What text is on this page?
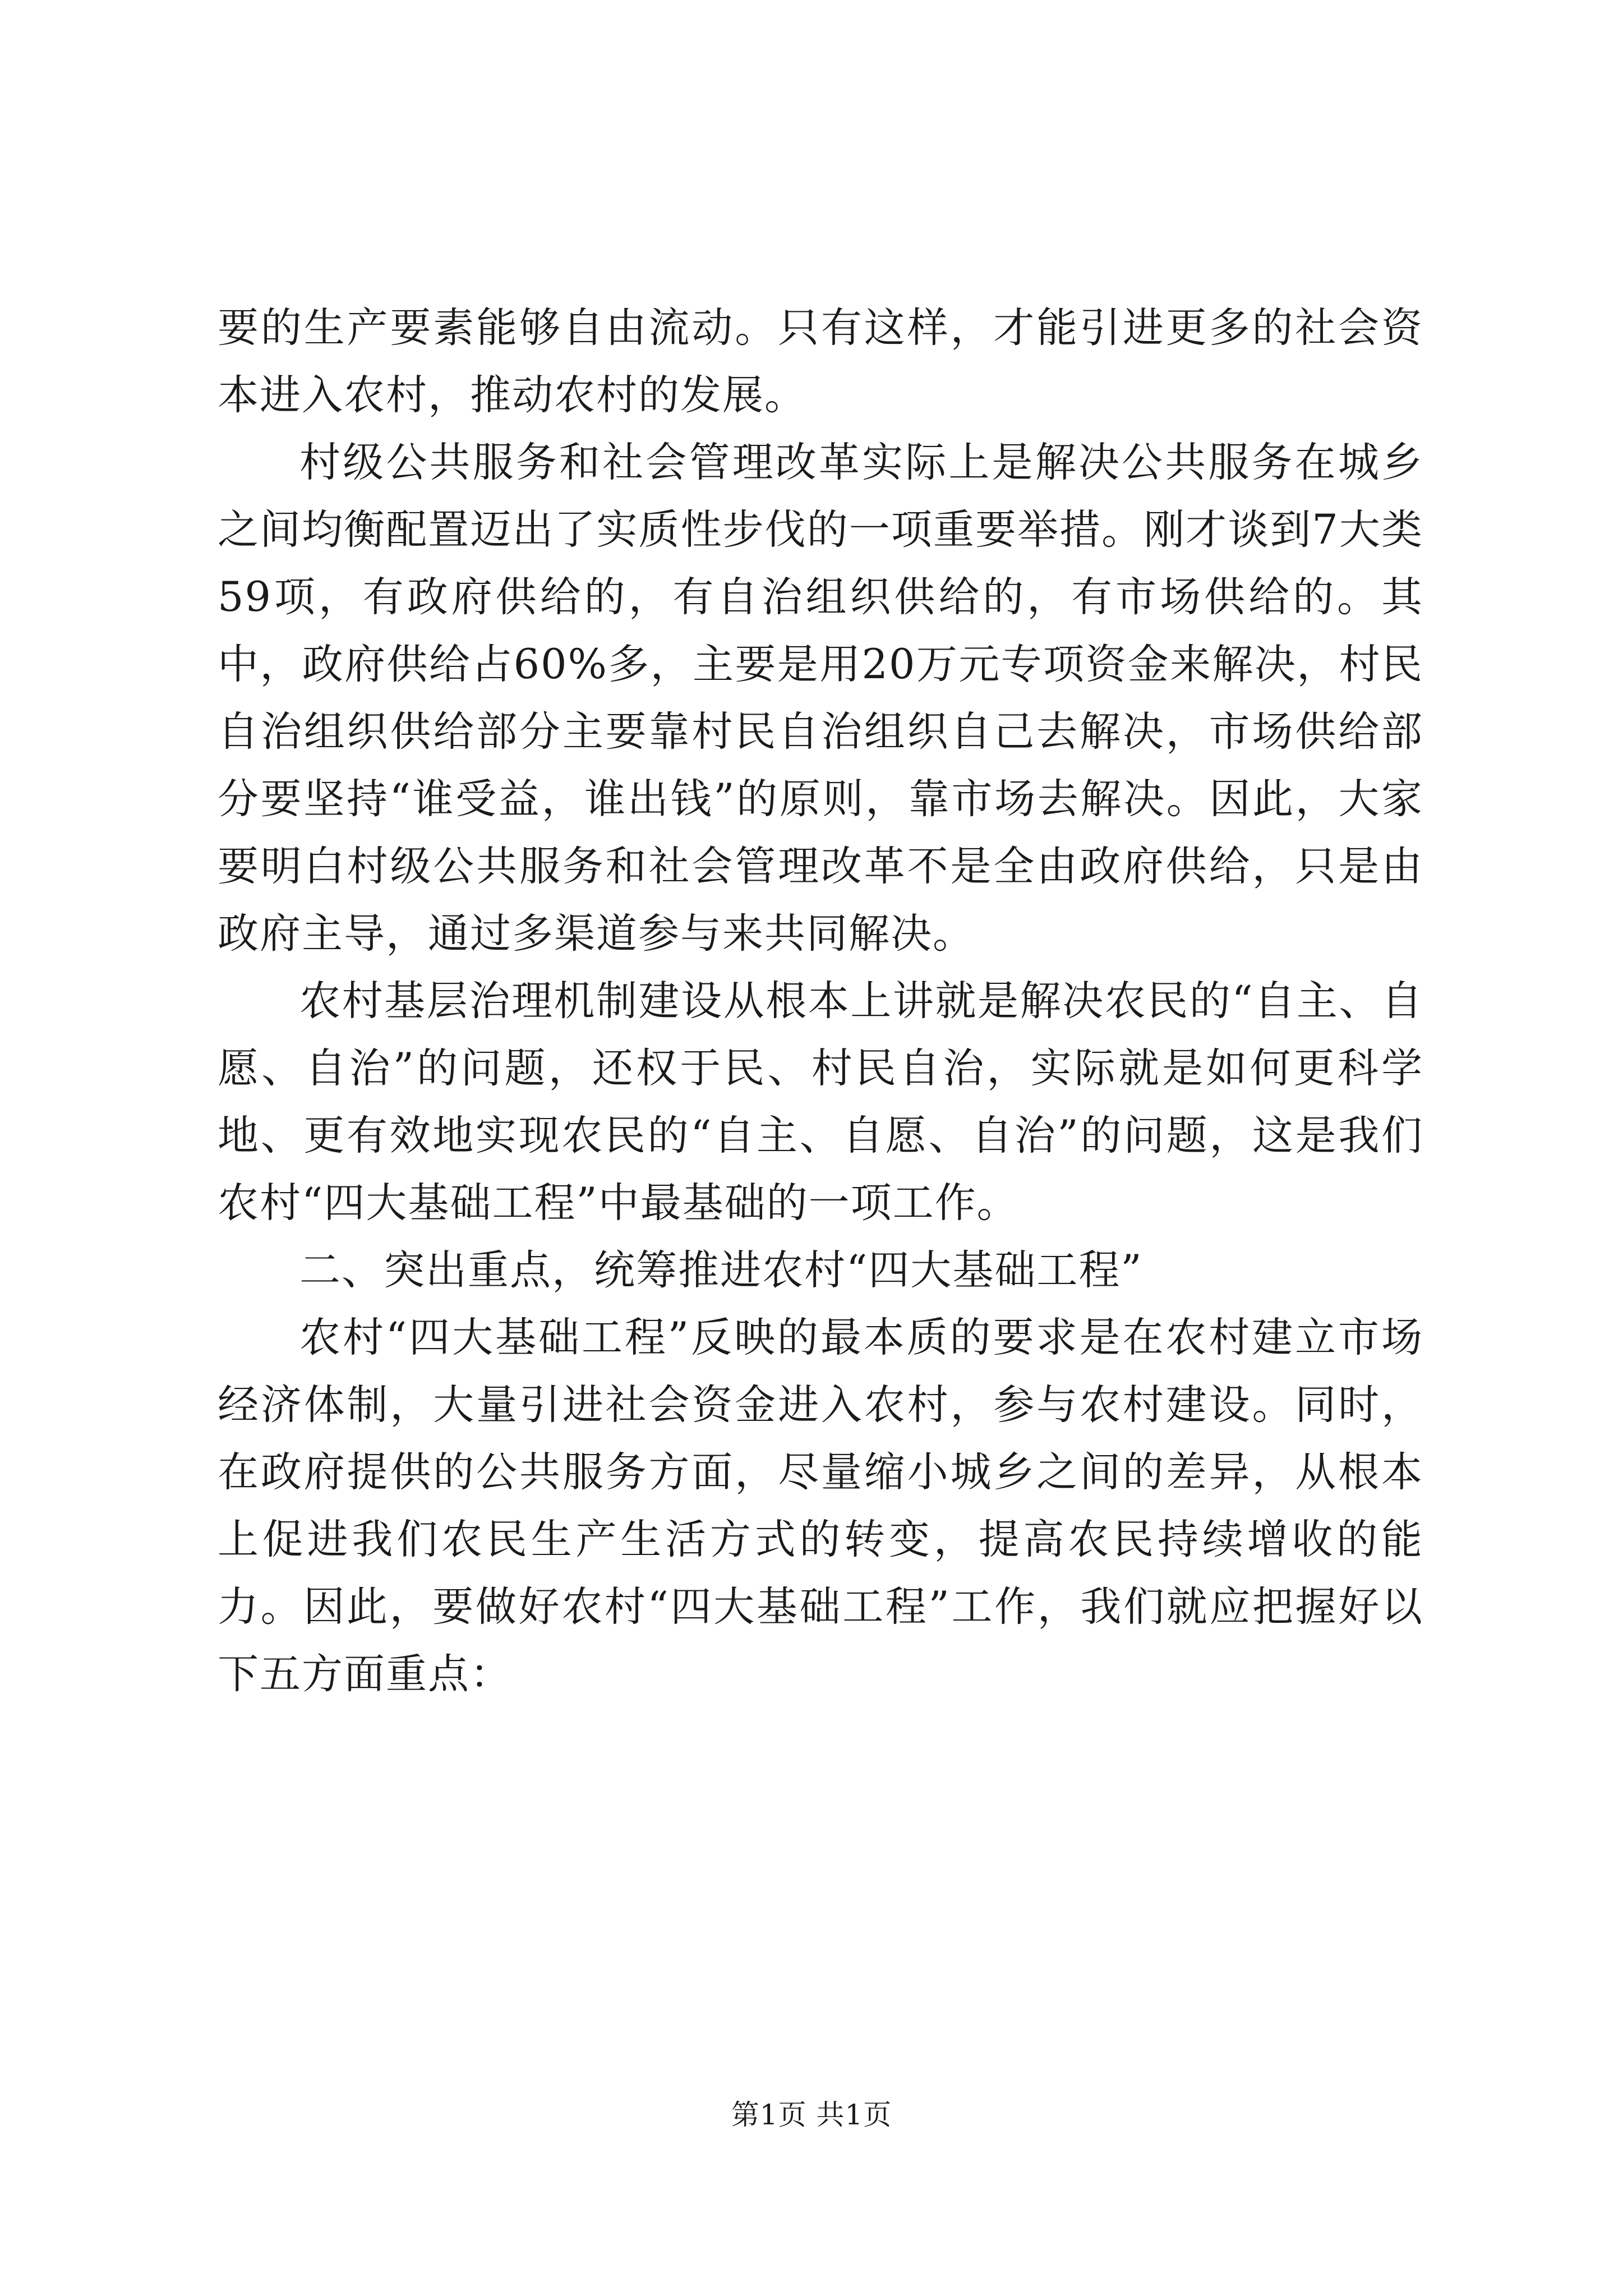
要的生产要素能够自由流动。只有这样，才能引进更多的社会资本进入农村，推动农村的发展。

村级公共服务和社会管理改革实际上是解决公共服务在城乡之间均衡配置迈出了实质性步伐的一项重要举措。刚才谈到7大类59项，有政府供给的，有自治组织供给的，有市场供给的。其中，政府供给占60%多，主要是用20万元专项资金来解决，村民自治组织供给部分主要靠村民自治组织自己去解决，市场供给部分要坚持“谁受益，谁出钱”的原则，靠市场去解决。因此，大家要明白村级公共服务和社会管理改革不是全由政府供给，只是由政府主导，通过多渠道参与来共同解决。

农村基层治理机制建设从根本上讲就是解决农民的“自主、自愿、自治”的问题，还权于民、村民自治，实际就是如何更科学地、更有效地实现农民的“自主、自愿、自治”的问题，这是我们农村“四大基础工程”中最基础的一项工作。

二、突出重点，统筹推进农村“四大基础工程”

农村“四大基础工程”反映的最本质的要求是在农村建立市场经济体制，大量引进社会资金进入农村，参与农村建设。同时，在政府提供的公共服务方面，尽量缩小城乡之间的差异，从根本上促进我们农民生产生活方式的转变，提高农民持续增收的能力。因此，要做好农村“四大基础工程”工作，我们就应把握好以下五方面重点：

第1页 共1页
